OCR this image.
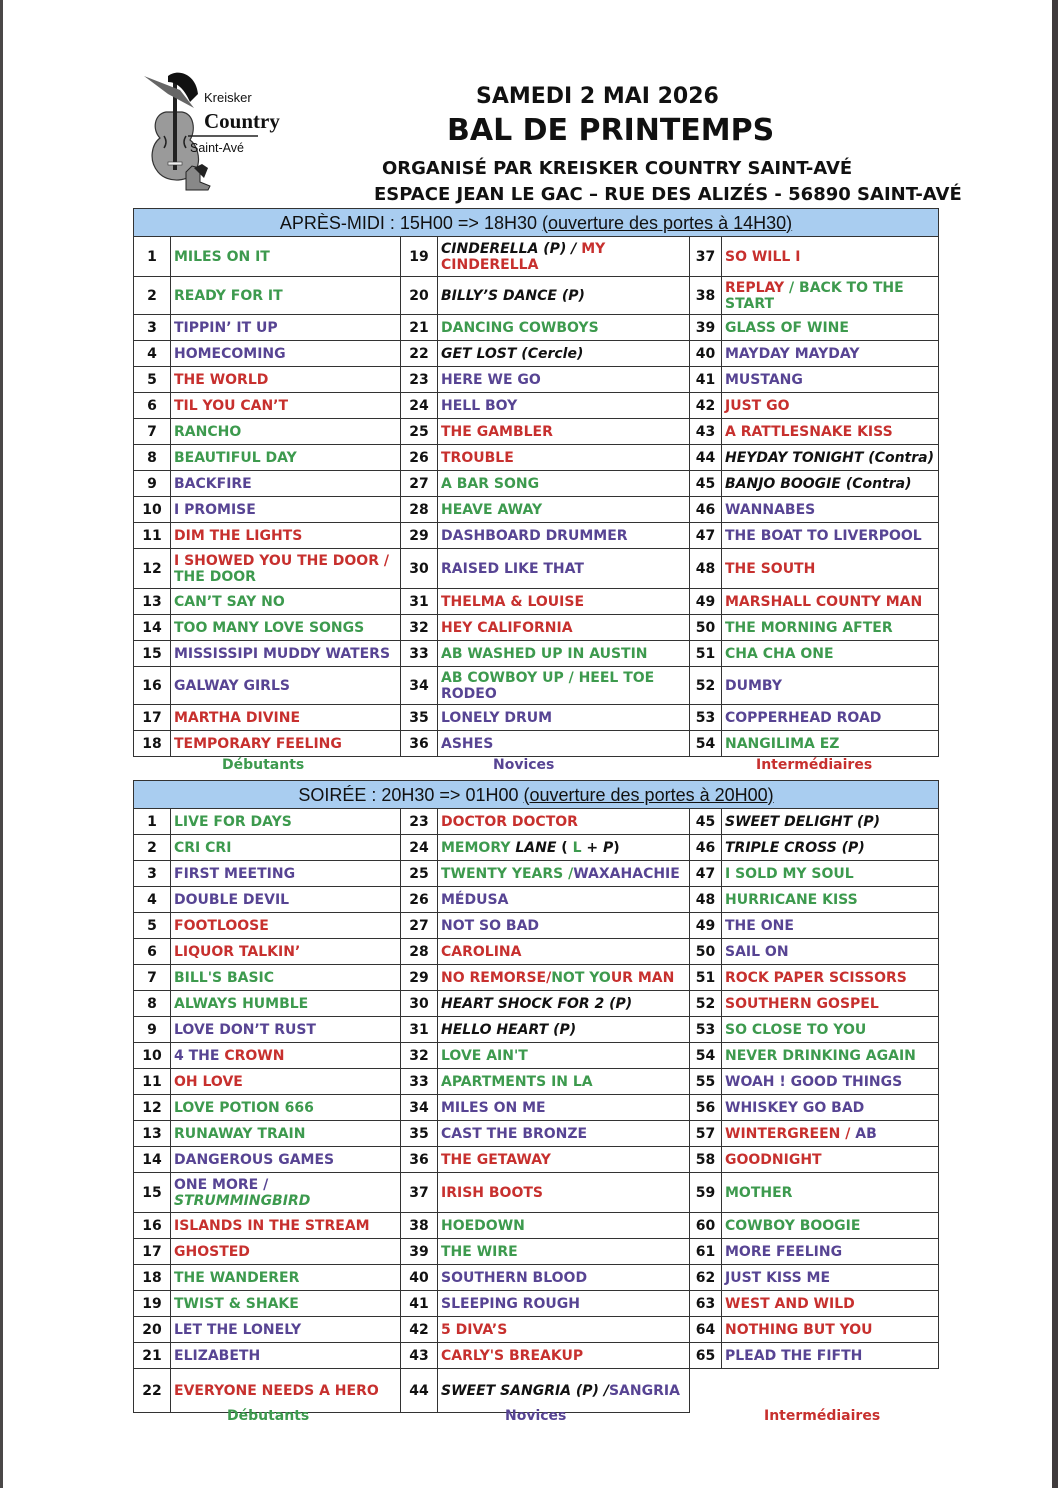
Kreisker
Country
Saint-Avé
SAMEDI 2 MAI 2026
BAL DE PRINTEMPS
ORGANISÉ PAR KREISKER COUNTRY SAINT-AVÉ
ESPACE JEAN LE GAC – RUE DES ALIZÉS - 56890 SAINT-AVÉ
APRÈS-MIDI : 15H00 => 18H30 (ouverture des portes à 14H30)					
1	MILES ON IT	19	CINDERELLA (P) / MY CINDERELLA	37	SO WILL I
2	READY FOR IT	20	BILLY’S DANCE (P)	38	REPLAY / BACK TO THE START
3	TIPPIN’ IT UP	21	DANCING COWBOYS	39	GLASS OF WINE
4	HOMECOMING	22	GET LOST (Cercle)	40	MAYDAY MAYDAY
5	THE WORLD	23	HERE WE GO	41	MUSTANG
6	TIL YOU CAN’T	24	HELL BOY	42	JUST GO
7	RANCHO	25	THE GAMBLER	43	A RATTLESNAKE KISS
8	BEAUTIFUL DAY	26	TROUBLE	44	HEYDAY TONIGHT (Contra)
9	BACKFIRE	27	A BAR SONG	45	BANJO BOOGIE (Contra)
10	I PROMISE	28	HEAVE AWAY	46	WANNABES
11	DIM THE LIGHTS	29	DASHBOARD DRUMMER	47	THE BOAT TO LIVERPOOL
12	I SHOWED YOU THE DOOR / THE DOOR	30	RAISED LIKE THAT	48	THE SOUTH
13	CAN’T SAY NO	31	THELMA & LOUISE	49	MARSHALL COUNTY MAN
14	TOO MANY LOVE SONGS	32	HEY CALIFORNIA	50	THE MORNING AFTER
15	MISSISSIPI MUDDY WATERS	33	AB WASHED UP IN AUSTIN	51	CHA CHA ONE
16	GALWAY GIRLS	34	AB COWBOY UP / HEEL TOE RODEO	52	DUMBY
17	MARTHA DIVINE	35	LONELY DRUM	53	COPPERHEAD ROAD
18	TEMPORARY FEELING	36	ASHES	54	NANGILIMA EZ
Débutants	Novices	Intermédiaires
SOIRÉE : 20H30 => 01H00 (ouverture des portes à 20H00)					
1	LIVE FOR DAYS	23	DOCTOR DOCTOR	45	SWEET DELIGHT (P)
2	CRI CRI	24	MEMORY LANE ( L + P)	46	TRIPLE CROSS (P)
3	FIRST MEETING	25	TWENTY YEARS /WAXAHACHIE	47	I SOLD MY SOUL
4	DOUBLE DEVIL	26	MÉDUSA	48	HURRICANE KISS
5	FOOTLOOSE	27	NOT SO BAD	49	THE ONE
6	LIQUOR TALKIN’	28	CAROLINA	50	SAIL ON
7	BILL'S BASIC	29	NO REMORSE/NOT YOUR MAN	51	ROCK PAPER SCISSORS
8	ALWAYS HUMBLE	30	HEART SHOCK FOR 2 (P)	52	SOUTHERN GOSPEL
9	LOVE DON’T RUST	31	HELLO HEART (P)	53	SO CLOSE TO YOU
10	4 THE CROWN	32	LOVE AIN'T	54	NEVER DRINKING AGAIN
11	OH LOVE	33	APARTMENTS IN LA	55	WOAH ! GOOD THINGS
12	LOVE POTION 666	34	MILES ON ME	56	WHISKEY GO BAD
13	RUNAWAY TRAIN	35	CAST THE BRONZE	57	WINTERGREEN / AB
14	DANGEROUS GAMES	36	THE GETAWAY	58	GOODNIGHT
15	ONE MORE / STRUMMINGBIRD	37	IRISH BOOTS	59	MOTHER
16	ISLANDS IN THE STREAM	38	HOEDOWN	60	COWBOY BOOGIE
17	GHOSTED	39	THE WIRE	61	MORE FEELING
18	THE WANDERER	40	SOUTHERN BLOOD	62	JUST KISS ME
19	TWIST & SHAKE	41	SLEEPING ROUGH	63	WEST AND WILD
20	LET THE LONELY	42	5 DIVA’S	64	NOTHING BUT YOU
21	ELIZABETH	43	CARLY'S BREAKUP	65	PLEAD THE FIFTH
22	EVERYONE NEEDS A HERO	44	SWEET SANGRIA (P) /SANGRIA		
Débutants	Novices	Intermédiaires
